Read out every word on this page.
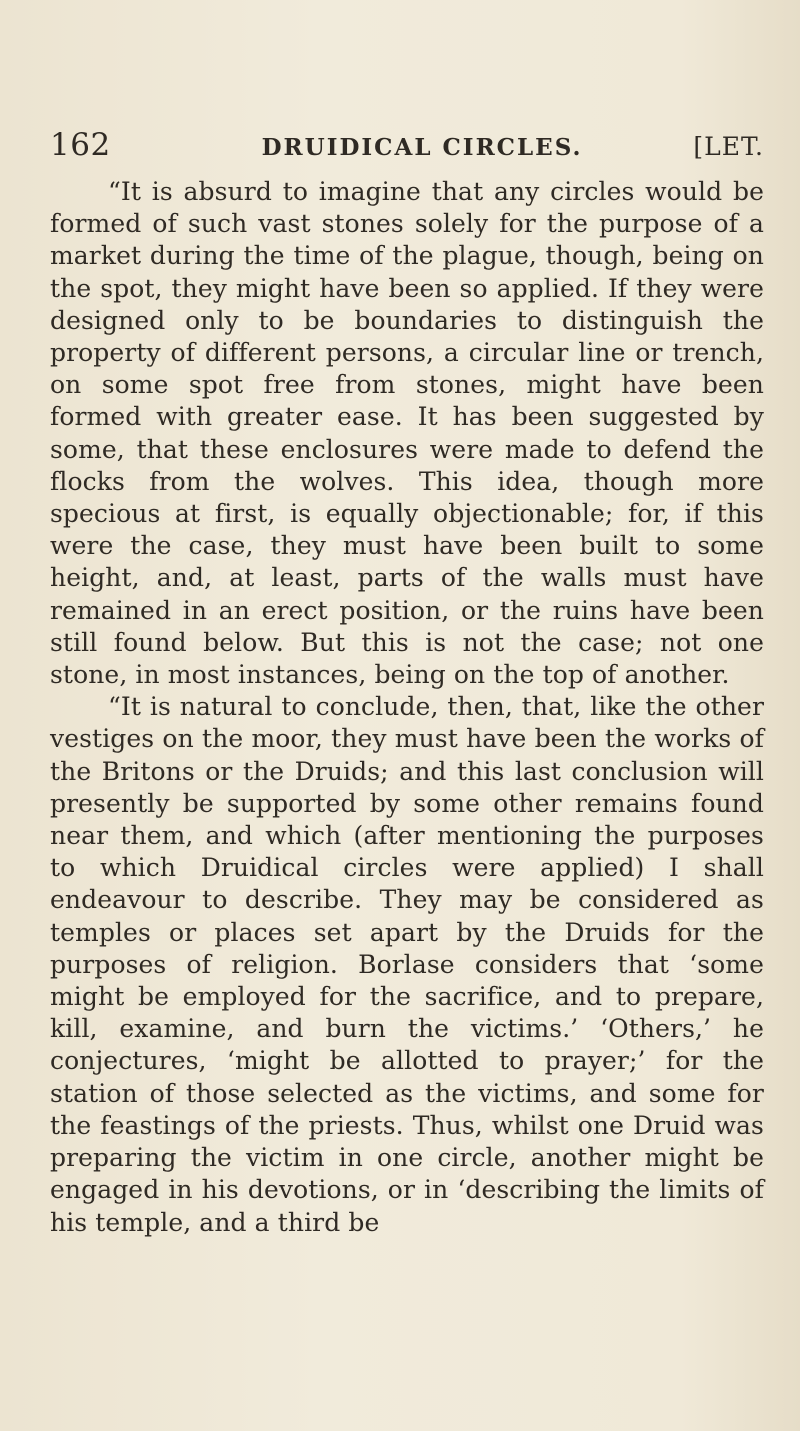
162	DRUIDICAL CIRCLES.	[LET.

“It is absurd to imagine that any circles would be formed of such vast stones solely for the purpose of a market during the time of the plague, though, being on the spot, they might have been so applied. If they were designed only to be boundaries to distinguish the property of different persons, a circular line or trench, on some spot free from stones, might have been formed with greater ease. It has been suggested by some, that these enclosures were made to defend the flocks from the wolves. This idea, though more specious at first, is equally objectionable; for, if this were the case, they must have been built to some height, and, at least, parts of the walls must have remained in an erect position, or the ruins have been still found below. But this is not the case; not one stone, in most instances, being on the top of another.

“It is natural to conclude, then, that, like the other vestiges on the moor, they must have been the works of the Britons or the Druids; and this last conclusion will presently be supported by some other remains found near them, and which (after mentioning the purposes to which Druidical circles were applied) I shall endeavour to describe. They may be considered as temples or places set apart by the Druids for the purposes of religion. Borlase considers that ‘some might be employed for the sacrifice, and to prepare, kill, examine, and burn the victims.’ ‘Others,’ he conjectures, ‘might be allotted to prayer;’ for the station of those selected as the victims, and some for the feastings of the priests. Thus, whilst one Druid was preparing the victim in one circle, another might be engaged in his devotions, or in ‘describing the limits of his temple, and a third be
